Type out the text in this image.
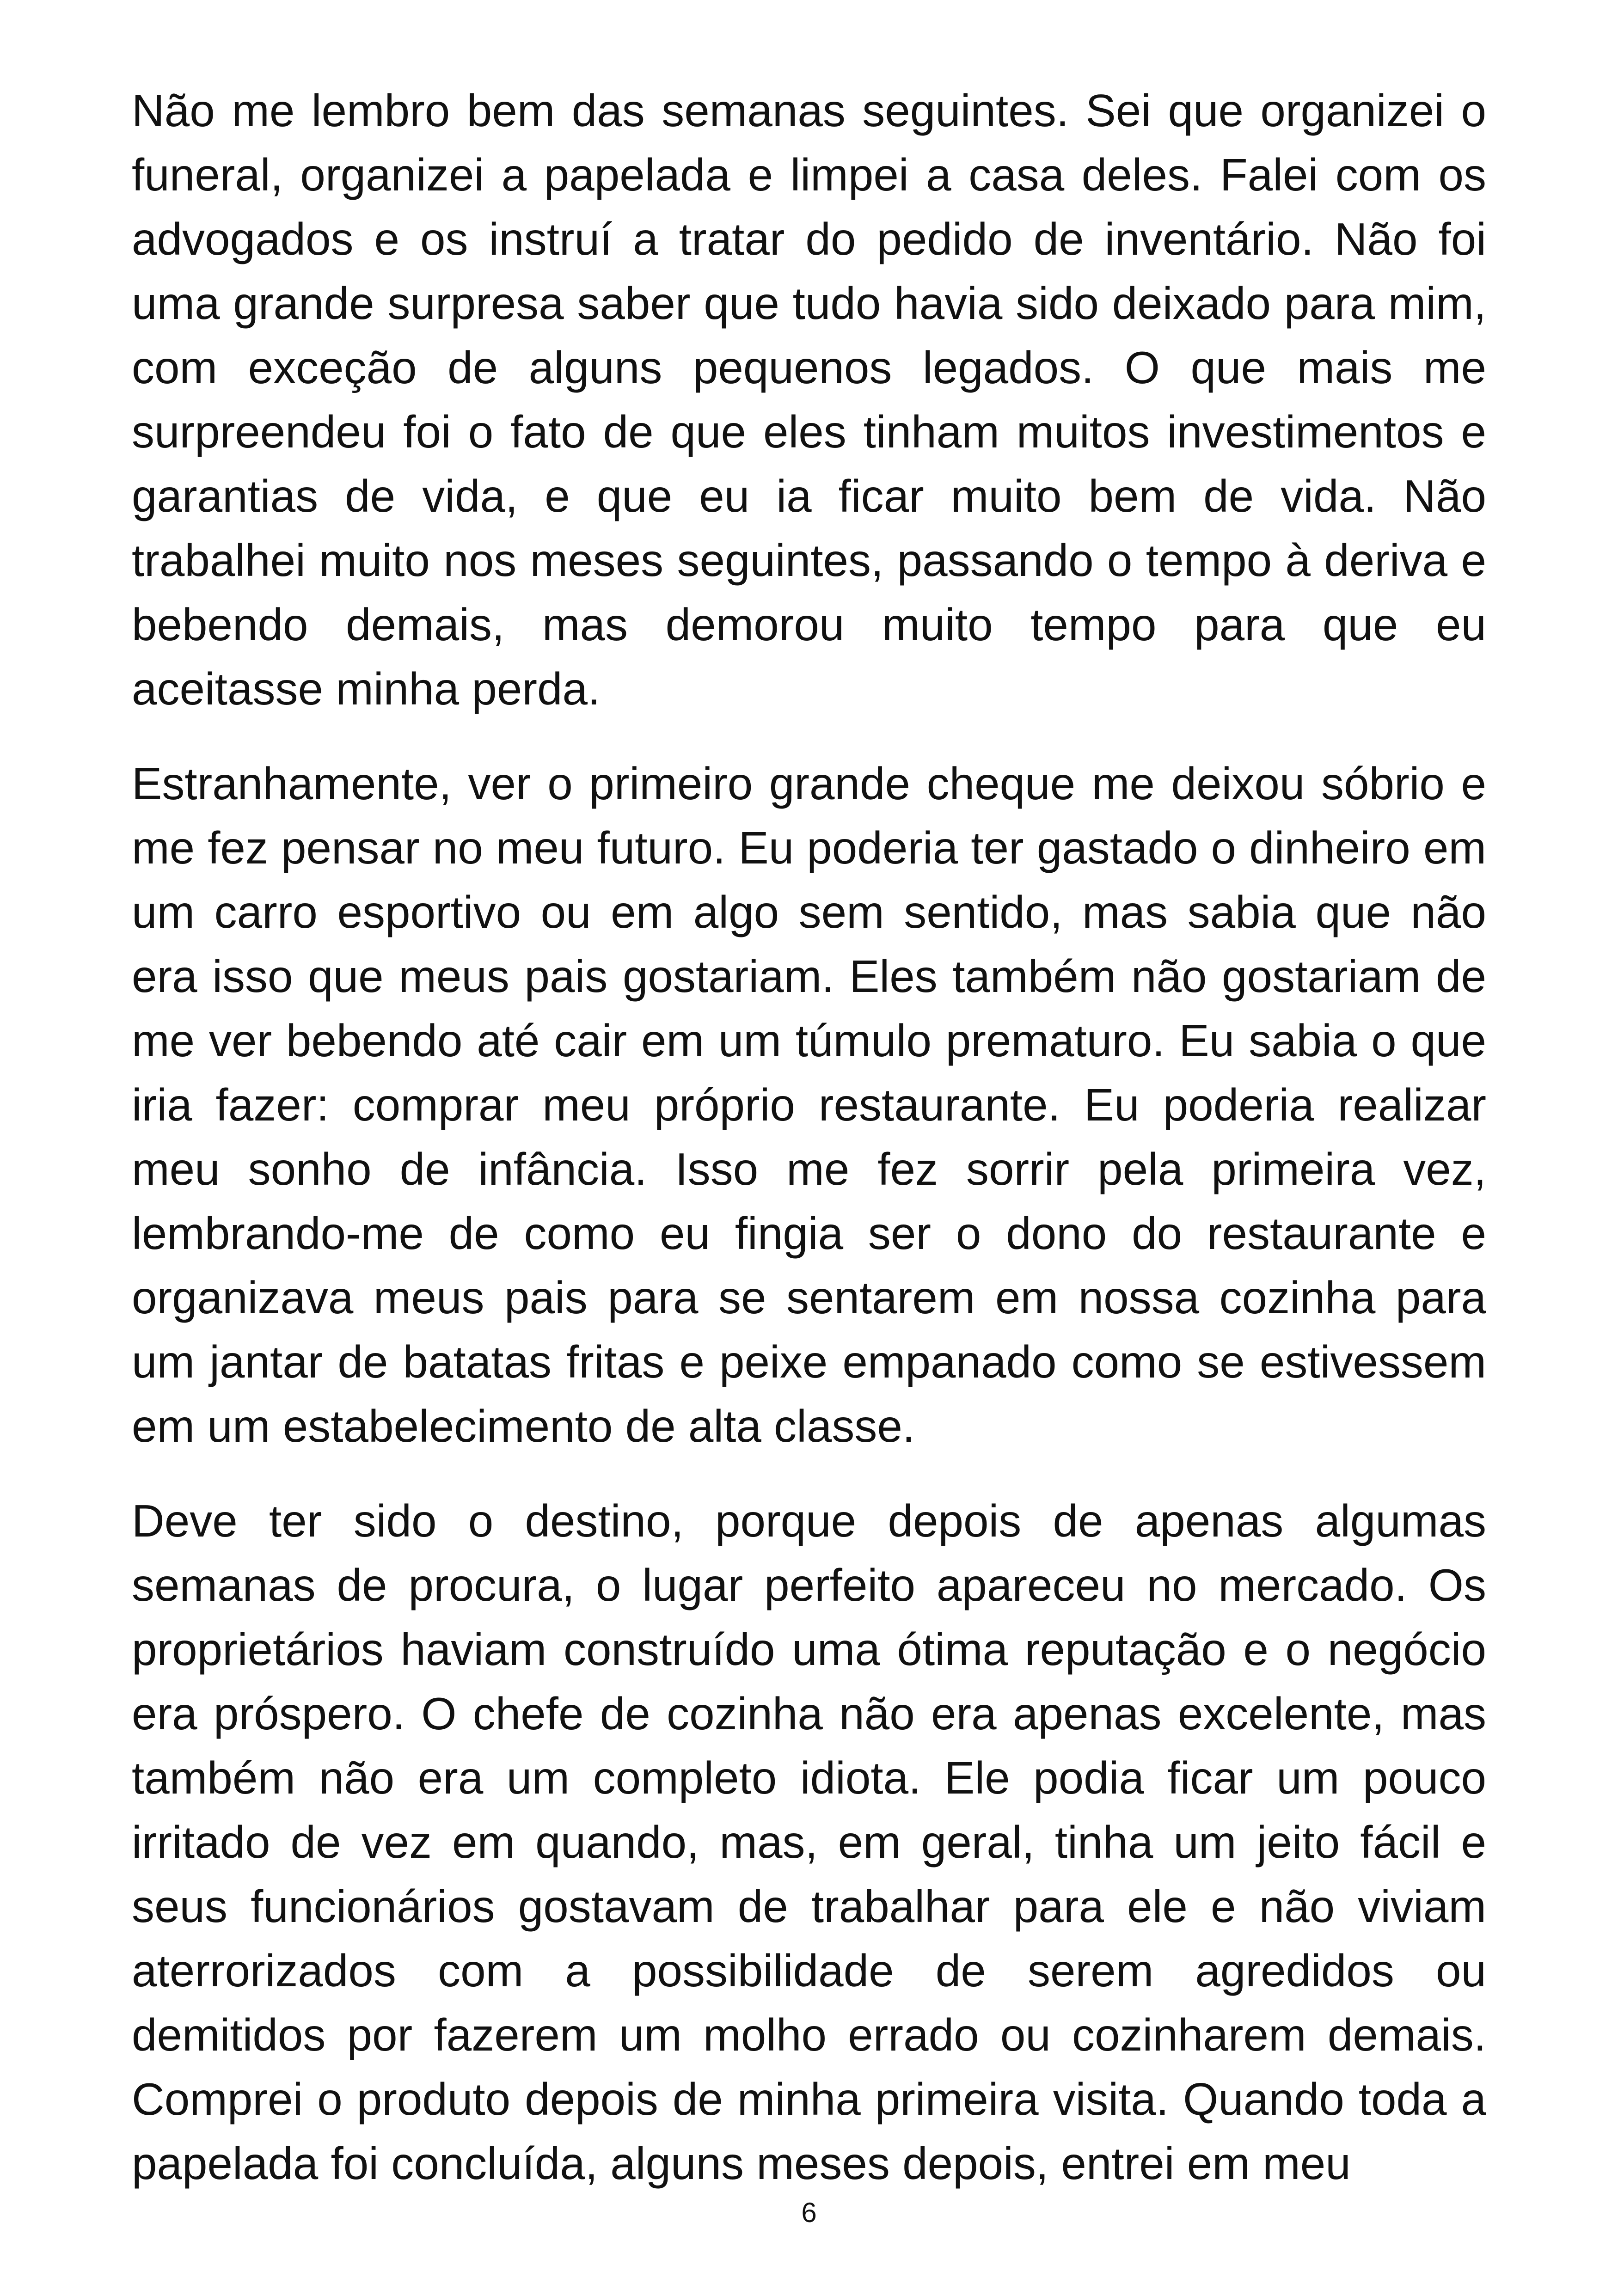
Não me lembro bem das semanas seguintes. Sei que organizei o funeral, organizei a papelada e limpei a casa deles. Falei com os advogados e os instruí a tratar do pedido de inventário. Não foi uma grande surpresa saber que tudo havia sido deixado para mim, com exceção de alguns pequenos legados. O que mais me surpreendeu foi o fato de que eles tinham muitos investimentos e garantias de vida, e que eu ia ficar muito bem de vida. Não trabalhei muito nos meses seguintes, passando o tempo à deriva e bebendo demais, mas demorou muito tempo para que eu aceitasse minha perda.

Estranhamente, ver o primeiro grande cheque me deixou sóbrio e me fez pensar no meu futuro. Eu poderia ter gastado o dinheiro em um carro esportivo ou em algo sem sentido, mas sabia que não era isso que meus pais gostariam. Eles também não gostariam de me ver bebendo até cair em um túmulo prematuro. Eu sabia o que iria fazer: comprar meu próprio restaurante. Eu poderia realizar meu sonho de infância. Isso me fez sorrir pela primeira vez, lembrando-me de como eu fingia ser o dono do restaurante e organizava meus pais para se sentarem em nossa cozinha para um jantar de batatas fritas e peixe empanado como se estivessem em um estabelecimento de alta classe.

Deve ter sido o destino, porque depois de apenas algumas semanas de procura, o lugar perfeito apareceu no mercado. Os proprietários haviam construído uma ótima reputação e o negócio era próspero. O chefe de cozinha não era apenas excelente, mas também não era um completo idiota. Ele podia ficar um pouco irritado de vez em quando, mas, em geral, tinha um jeito fácil e seus funcionários gostavam de trabalhar para ele e não viviam aterrorizados com a possibilidade de serem agredidos ou demitidos por fazerem um molho errado ou cozinharem demais. Comprei o produto depois de minha primeira visita. Quando toda a papelada foi concluída, alguns meses depois, entrei em meu

6
